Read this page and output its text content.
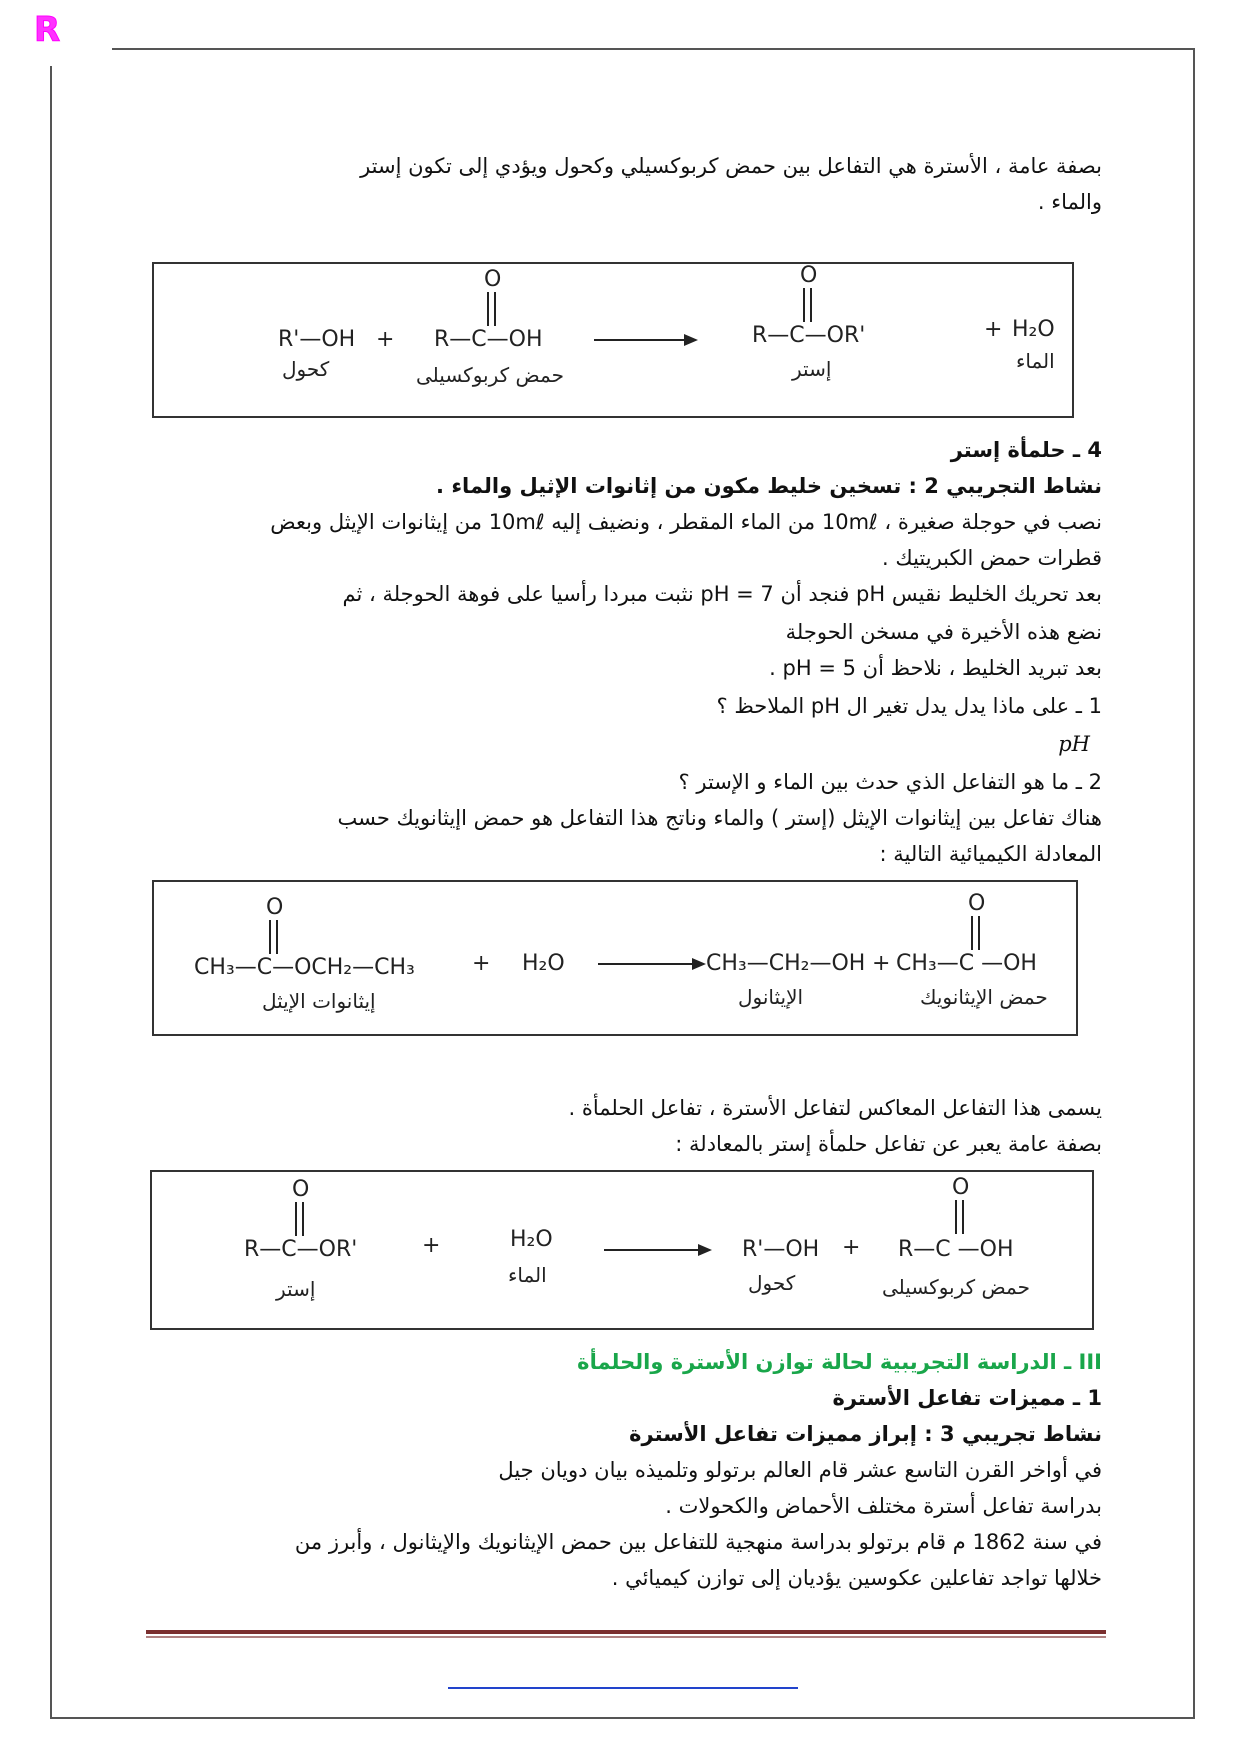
R
بصفة عامة ، الأسترة هي التفاعل بين حمض كربوكسيلي وكحول ويؤدي إلى تكون إستر
والماء .
R'—OH + R—C—OH
O
R—C—OR'
O
+ H₂O
كحول	حمض كربوكسيلى	إستر	الماء
4 ـ حلمأة إستر
نشاط التجريبي 2 : تسخين خليط مكون من إثانوات الإثيل والماء .
نصب في حوجلة صغيرة ، 10mℓ من الماء المقطر ، ونضيف إليه 10mℓ من إيثانوات الإيثل وبعض
قطرات حمض الكبريتيك .
بعد تحريك الخليط نقيس pH فنجد أن pH = 7 نثبت مبردا رأسيا على فوهة الحوجلة ، ثم
نضع هذه الأخيرة في مسخن الحوجلة
بعد تبريد الخليط ، نلاحظ أن pH = 5 .
1 ـ على ماذا يدل يدل تغير ال pH الملاحظ ؟
pH
2 ـ ما هو التفاعل الذي حدث بين الماء و الإستر ؟
هناك تفاعل بين إيثانوات الإيثل (إستر ) والماء وناتج هذا التفاعل هو حمض اإيثانويك حسب
المعادلة الكيميائية التالية :
CH₃—C—OCH₂—CH₃
O
+ H₂O	CH₃—CH₂—OH + CH₃—C —OH
O
إيثانوات الإيثل	الإيثانول	حمض الإيثانويك
يسمى هذا التفاعل المعاكس لتفاعل الأسترة ، تفاعل الحلمأة .
بصفة عامة يعبر عن تفاعل حلمأة إستر بالمعادلة :
R—C—OR'
O
+	H₂O	R'—OH + R—C —OH
O
إستر
الماء	كحول	حمض كربوكسيلى
III ـ الدراسة التجريبية لحالة توازن الأسترة والحلمأة
1 ـ مميزات تفاعل الأسترة
نشاط تجريبي 3 : إبراز مميزات تفاعل الأسترة
في أواخر القرن التاسع عشر قام العالم برتولو وتلميذه بيان دويان جيل
بدراسة تفاعل أسترة مختلف الأحماض والكحولات .
في سنة 1862 م قام برتولو بدراسة منهجية للتفاعل بين حمض الإيثانويك والإيثانول ، وأبرز من
خلالها تواجد تفاعلين عكوسين يؤديان إلى توازن كيميائي .
